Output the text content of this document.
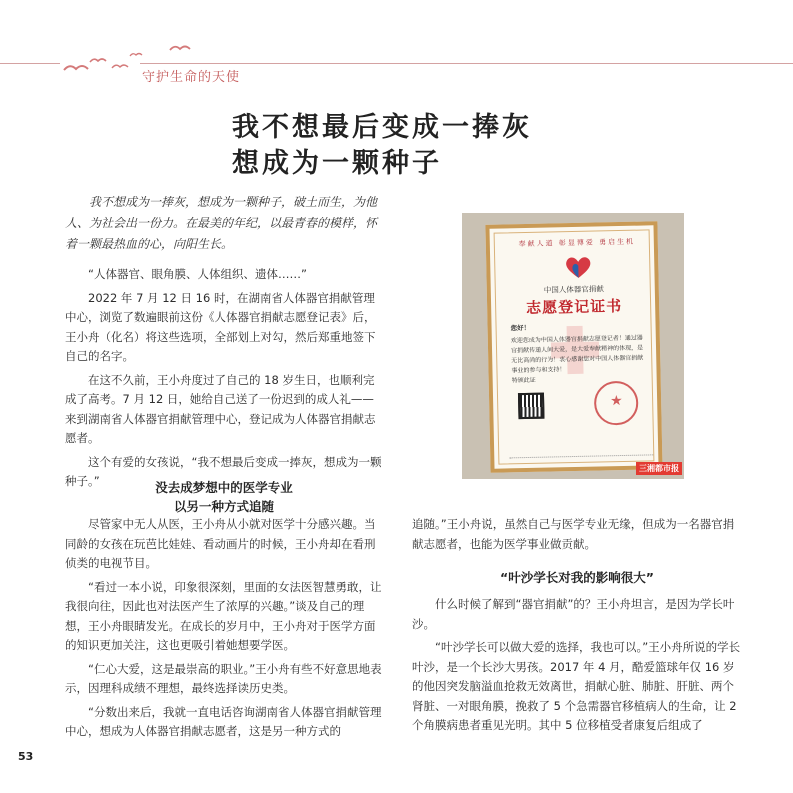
守护生命的天使
我不想最后变成一捧灰
想成为一颗种子

我不想成为一捧灰，想成为一颗种子，破土而生，为他人、为社会出一份力。在最美的年纪，以最青春的模样，怀着一颗最热血的心，向阳生长。

“人体器官、眼角膜、人体组织、遗体……”

2022 年 7 月 12 日 16 时，在湖南省人体器官捐献管理中心，浏览了数遍眼前这份《人体器官捐献志愿登记表》后，王小舟（化名）将这些选项，全部划上对勾，然后郑重地签下自己的名字。

在这不久前，王小舟度过了自己的 18 岁生日，也顺利完成了高考。7 月 12 日，她给自己送了一份迟到的成人礼——来到湖南省人体器官捐献管理中心，登记成为人体器官捐献志愿者。

这个有爱的女孩说，“我不想最后变成一捧灰，想成为一颗种子。”	没去成梦想中的医学专业
以另一种方式追随

尽管家中无人从医，王小舟从小就对医学十分感兴趣。当同龄的女孩在玩芭比娃娃、看动画片的时候，王小舟却在看刑侦类的电视节目。

“看过一本小说，印象很深刻，里面的女法医智慧勇敢，让我很向往，因此也对法医产生了浓厚的兴趣。”谈及自己的理想，王小舟眼睛发光。在成长的岁月中，王小舟对于医学方面的知识更加关注，这也更吸引着她想要学医。

“仁心大爱，这是最崇高的职业。”王小舟有些不好意思地表示，因理科成绩不理想，最终选择读历史类。

“分数出来后，我就一直电话咨询湖南省人体器官捐献管理中心，想成为人体器官捐献志愿者，这是另一种方式的

奉献人道 彰显博爱 勇启生机
中国人体器官捐献
志愿登记证书
您好！
欢迎您成为中国人体器官捐献志愿登记者！通过器官捐献传递人间大爱，是大爱奉献精神的体现，是无比高尚的行为！衷心感谢您对中国人体器官捐献事业的参与和支持！
特颁此证
★
三湘都市报

追随。”王小舟说，虽然自己与医学专业无缘，但成为一名器官捐献志愿者，也能为医学事业做贡献。

“叶沙学长对我的影响很大”

什么时候了解到“器官捐献”的？王小舟坦言，是因为学长叶沙。

“叶沙学长可以做大爱的选择，我也可以。”王小舟所说的学长叶沙，是一个长沙大男孩。2017 年 4 月，酷爱篮球年仅 16 岁的他因突发脑溢血抢救无效离世，捐献心脏、肺脏、肝脏、两个肾脏、一对眼角膜，挽救了 5 个急需器官移植病人的生命，让 2 个角膜病患者重见光明。其中 5 位移植受者康复后组成了

53
